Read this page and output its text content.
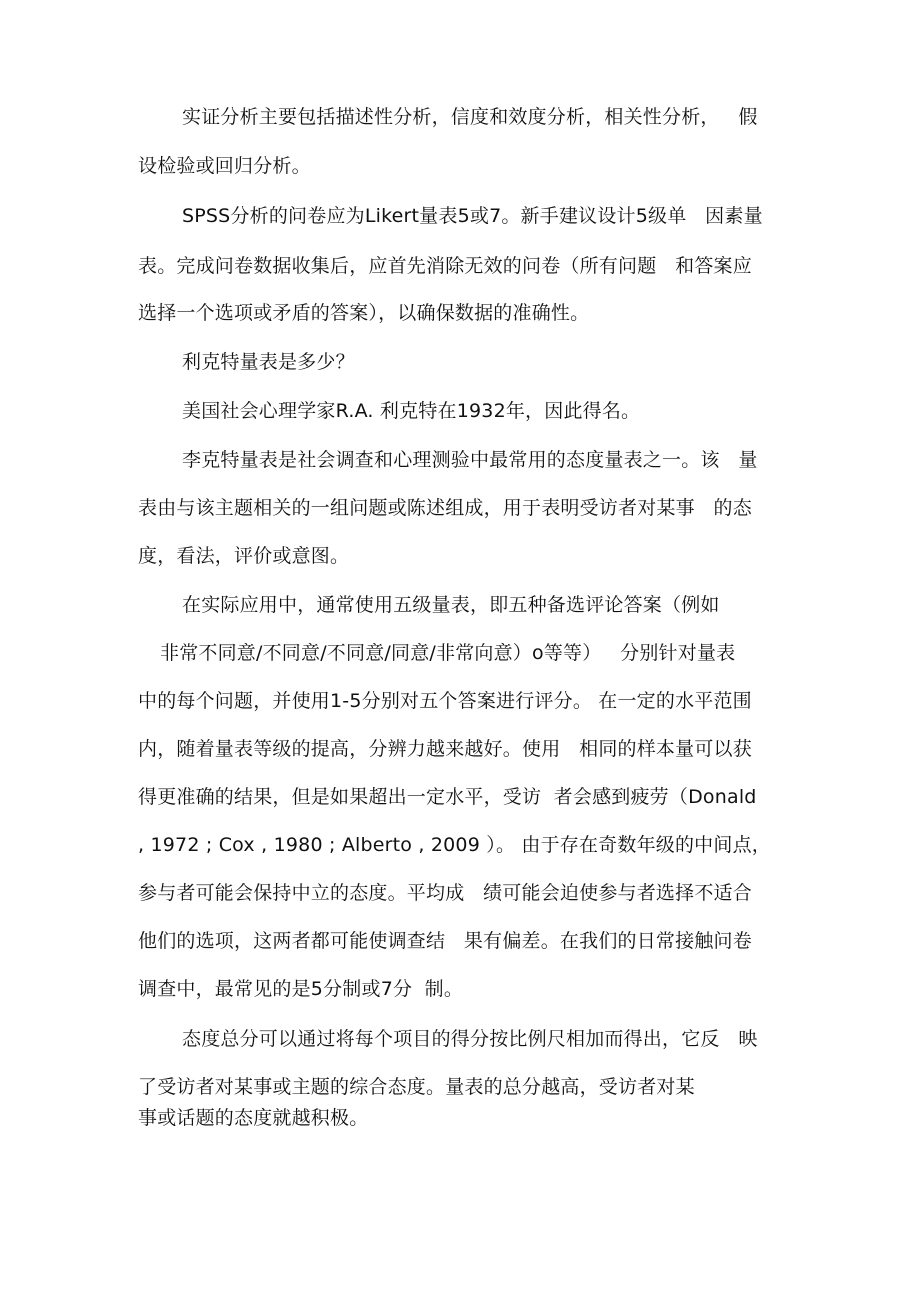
实证分析主要包括描述性分析，信度和效度分析，相关性分析，   假
设检验或回归分析。
SPSS分析的问卷应为Likert量表5或7。新手建议设计5级单   因素量
表。完成问卷数据收集后，应首先消除无效的问卷（所有问题   和答案应
选择一个选项或矛盾的答案），以确保数据的准确性。
利克特量表是多少？
美国社会心理学家R.A. 利克特在1932年，因此得名。
李克特量表是社会调查和心理测验中最常用的态度量表之一。该   量
表由与该主题相关的一组问题或陈述组成，用于表明受访者对某事   的态
度，看法，评价或意图。
在实际应用中，通常使用五级量表，即五种备选评论答案（例如
非常不同意/不同意/不同意/同意/非常向意）o等等）   分别针对量表
中的每个问题，并使用1-5分别对五个答案进行评分。 在一定的水平范围
内，随着量表等级的提高，分辨力越来越好。使用   相同的样本量可以获
得更准确的结果，但是如果超出一定水平，受访  者会感到疲劳（Donald
, 1972 ; Cox , 1980 ; Alberto , 2009 ）。 由于存在奇数年级的中间点，
参与者可能会保持中立的态度。平均成   绩可能会迫使参与者选择不适合
他们的选项，这两者都可能使调查结   果有偏差。在我们的日常接触问卷
调查中，最常见的是5分制或7分  制。
态度总分可以通过将每个项目的得分按比例尺相加而得出，它反   映
了受访者对某事或主题的综合态度。量表的总分越高，受访者对某
事或话题的态度就越积极。
